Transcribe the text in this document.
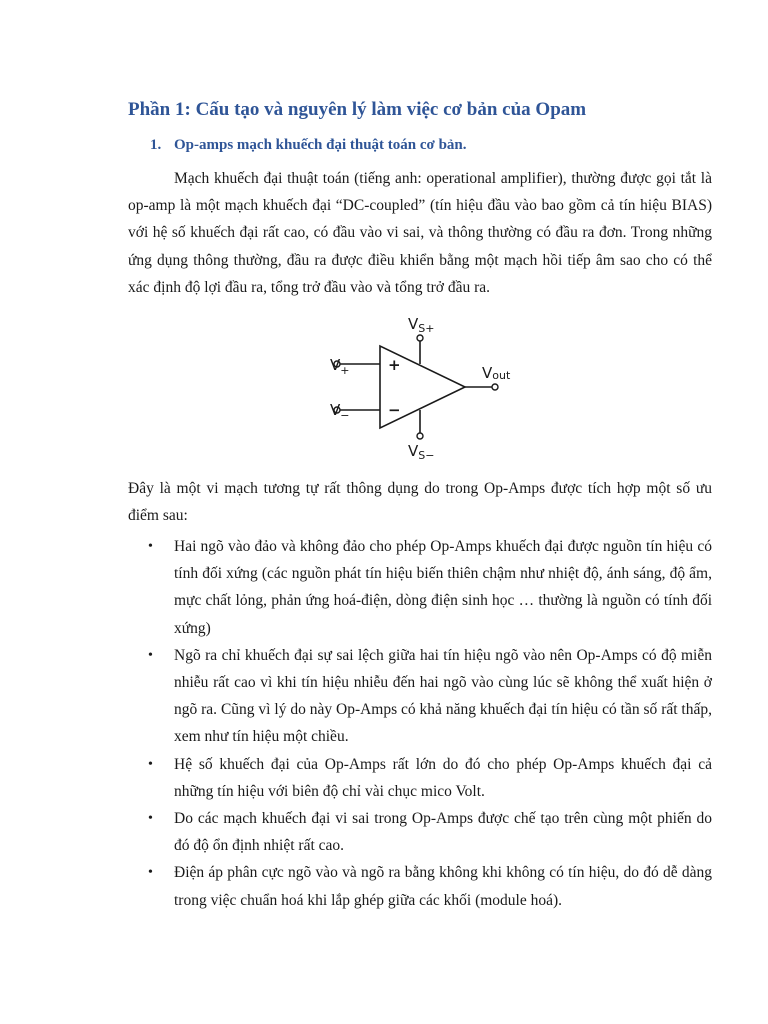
Phần 1: Cấu tạo và nguyên lý làm việc cơ bản của Opam
1. Op-amps mạch khuếch đại thuật toán cơ bản.
Mạch khuếch đại thuật toán (tiếng anh: operational amplifier), thường được gọi tắt là op-amp là một mạch khuếch đại “DC-coupled” (tín hiệu đầu vào bao gồm cả tín hiệu BIAS) với hệ số khuếch đại rất cao, có đầu vào vi sai, và thông thường có đầu ra đơn. Trong những ứng dụng thông thường, đầu ra được điều khiển bằng một mạch hồi tiếp âm sao cho có thể xác định độ lợi đầu ra, tổng trở đầu vào và tổng trở đầu ra.
+
−
$V_{S+}$
$V_{S-}$
$V_+$
$V_-$
Vout
Đây là một vi mạch tương tự rất thông dụng do trong Op-Amps được tích hợp một số ưu điểm sau:
• Hai ngõ vào đảo và không đảo cho phép Op-Amps khuếch đại được nguồn tín hiệu có tính đối xứng (các nguồn phát tín hiệu biến thiên chậm như nhiệt độ, ánh sáng, độ ẩm, mực chất lỏng, phản ứng hoá-điện, dòng điện sinh học … thường là nguồn có tính đối xứng)
• Ngõ ra chỉ khuếch đại sự sai lệch giữa hai tín hiệu ngõ vào nên Op-Amps có độ miễn nhiễu rất cao vì khi tín hiệu nhiễu đến hai ngõ vào cùng lúc sẽ không thể xuất hiện ở ngõ ra. Cũng vì lý do này Op-Amps có khả năng khuếch đại tín hiệu có tần số rất thấp, xem như tín hiệu một chiều.
• Hệ số khuếch đại của Op-Amps rất lớn do đó cho phép Op-Amps khuếch đại cả những tín hiệu với biên độ chỉ vài chục mico Volt.
• Do các mạch khuếch đại vi sai trong Op-Amps được chế tạo trên cùng một phiến do đó độ ổn định nhiệt rất cao.
• Điện áp phân cực ngõ vào và ngõ ra bằng không khi không có tín hiệu, do đó dễ dàng trong việc chuẩn hoá khi lắp ghép giữa các khối (module hoá).
